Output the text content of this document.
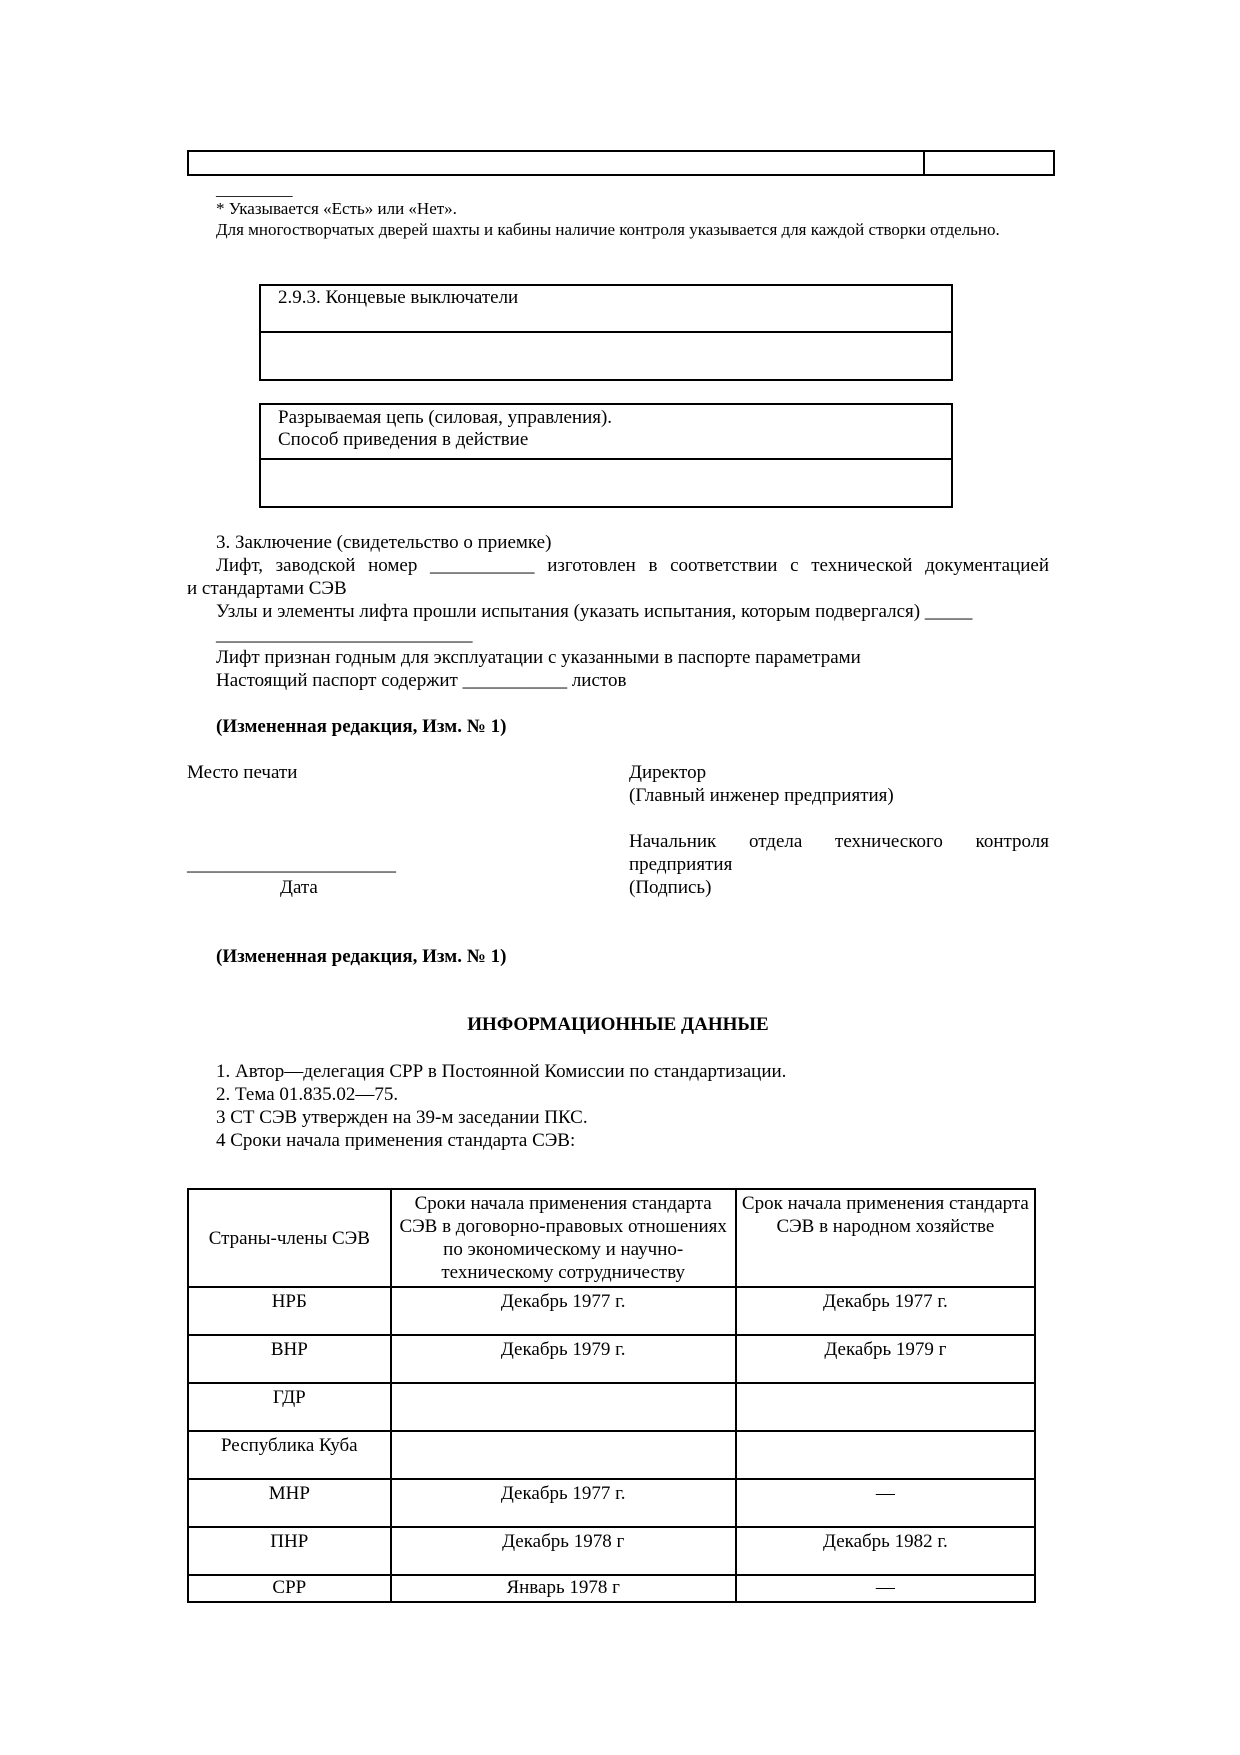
_________
* Указывается «Есть» или «Нет».
Для многостворчатых дверей шахты и кабины наличие контроля указывается для каждой створки отдельно.
2.9.3. Концевые выключатели
Разрываемая цепь (силовая, управления).
Способ приведения в действие
3. Заключение (свидетельство о приемке)
Лифт, заводской номер ___________ изготовлен в соответствии с технической документацией
и стандартами СЭВ
Узлы и элементы лифта прошли испытания (указать испытания, которым подвергался) _____
___________________________
Лифт признан годным для эксплуатации с указанными в паспорте параметрами
Настоящий паспорт содержит ___________ листов
(Измененная редакция, Изм. № 1)
Место печати	Директор
(Главный инженер предприятия)
Начальник отдела технического контроля предприятия
______________________
(Подпись)
Дата
(Измененная редакция, Изм. № 1)
ИНФОРМАЦИОННЫЕ ДАННЫЕ
1. Автор—делегация СРР в Постоянной Комиссии по стандартизации.
2. Тема 01.835.02—75.
3 СТ СЭВ утвержден на 39-м заседании ПКС.
4 Сроки начала применения стандарта СЭВ:
Страны-члены СЭВ	Сроки начала применения стандарта СЭВ в договорно-правовых отношениях по экономическому и научно-техническому сотрудничеству	Срок начала применения стандарта СЭВ в народном хозяйстве
НРБ	Декабрь 1977 г.	Декабрь 1977 г.
ВНР	Декабрь 1979 г.	Декабрь 1979 г
ГДР		
Республика Куба		
МНР	Декабрь 1977 г.	—
ПНР	Декабрь 1978 г	Декабрь 1982 г.
СРР	Январь 1978 г	—
